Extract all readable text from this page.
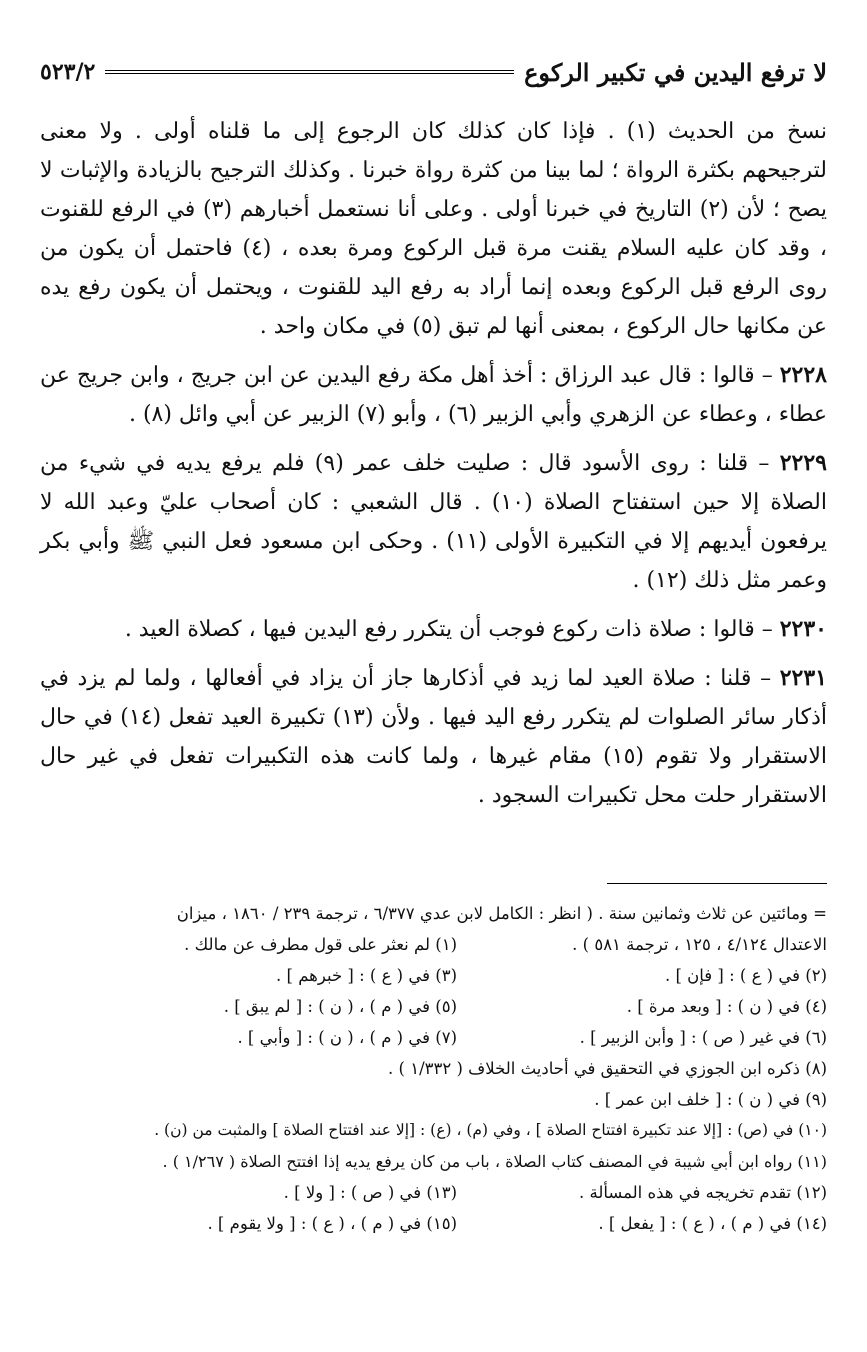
لا ترفع اليدين في تكبير الركوع
٥٢٣/٢

نسخ من الحديث (١) . فإذا كان كذلك كان الرجوع إلى ما قلناه أولى . ولا معنى لترجيحهم بكثرة الرواة ؛ لما بينا من كثرة رواة خبرنا . وكذلك الترجيح بالزيادة والإثبات لا يصح ؛ لأن (٢) التاريخ في خبرنا أولى . وعلى أنا نستعمل أخبارهم (٣) في الرفع للقنوت ، وقد كان عليه السلام يقنت مرة قبل الركوع ومرة بعده ، (٤) فاحتمل أن يكون من روى الرفع قبل الركوع وبعده إنما أراد به رفع اليد للقنوت ، ويحتمل أن يكون رفع يده عن مكانها حال الركوع ، بمعنى أنها لم تبق (٥) في مكان واحد .

٢٢٢٨ – قالوا : قال عبد الرزاق : أخذ أهل مكة رفع اليدين عن ابن جريج ، وابن جريج عن عطاء ، وعطاء عن الزهري وأبي الزبير (٦) ، وأبو (٧) الزبير عن أبي وائل (٨) .

٢٢٢٩ – قلنا : روى الأسود قال : صليت خلف عمر (٩) فلم يرفع يديه في شيء من الصلاة إلا حين استفتاح الصلاة (١٠) . قال الشعبي : كان أصحاب عليّ وعبد الله لا يرفعون أيديهم إلا في التكبيرة الأولى (١١) . وحكى ابن مسعود فعل النبي ﷺ وأبي بكر وعمر مثل ذلك (١٢) .

٢٢٣٠ – قالوا : صلاة ذات ركوع فوجب أن يتكرر رفع اليدين فيها ، كصلاة العيد .

٢٢٣١ – قلنا : صلاة العيد لما زيد في أذكارها جاز أن يزاد في أفعالها ، ولما لم يزد في أذكار سائر الصلوات لم يتكرر رفع اليد فيها . ولأن (١٣) تكبيرة العيد تفعل (١٤) في حال الاستقرار ولا تقوم (١٥) مقام غيرها ، ولما كانت هذه التكبيرات تفعل في غير حال الاستقرار حلت محل تكبيرات السجود .

= ومائتين عن ثلاث وثمانين سنة . ( انظر : الكامل لابن عدي ٦/٣٧٧ ، ترجمة ٢٣٩ / ١٨٦٠ ، ميزان
الاعتدال ٤/١٢٤ ، ١٢٥ ، ترجمة ٥٨١ ) .
(١) لم نعثر على قول مطرف عن مالك .
(٢) في ( ع ) : [ فإن ] .
(٣) في ( ع ) : [ خبرهم ] .
(٤) في ( ن ) : [ وبعد مرة ] .
(٥) في ( م ) ، ( ن ) : [ لم يبق ] .
(٦) في غير ( ص ) : [ وأبن الزبير ] .
(٧) في ( م ) ، ( ن ) : [ وأبي ] .
(٨) ذكره ابن الجوزي في التحقيق في أحاديث الخلاف ( ١/٣٣٢ ) .
(٩) في ( ن ) : [ خلف ابن عمر ] .
(١٠) في (ص) : [إلا عند تكبيرة افتتاح الصلاة ] ، وفي (م) ، (ع) : [إلا عند افتتاح الصلاة ] والمثبت من (ن) .
(١١) رواه ابن أبي شيبة في المصنف كتاب الصلاة ، باب من كان يرفع يديه إذا افتتح الصلاة ( ١/٢٦٧ ) .
(١٢) تقدم تخريجه في هذه المسألة .
(١٣) في ( ص ) : [ ولا ] .
(١٤) في ( م ) ، ( ع ) : [ يفعل ] .
(١٥) في ( م ) ، ( ع ) : [ ولا يقوم ] .
